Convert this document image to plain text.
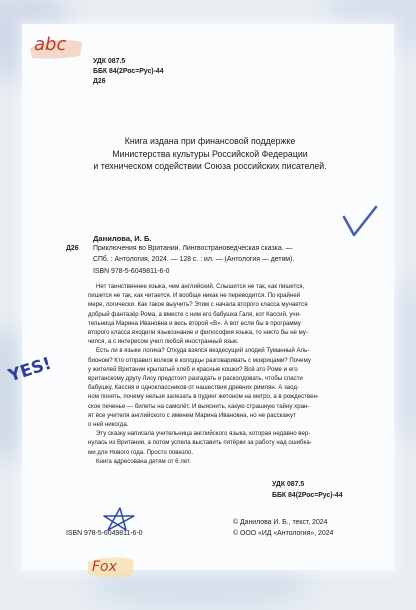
abc
YES!
Fox
УДК 087.5
ББК 84(2Рос=Рус)-44
Д26
Книга издана при финансовой поддержке
Министерства культуры Российской Федерации
и техническом содействии Союза российских писателей.
Д26
Данилова, И. Б.
Приключения во Вритании. Лингвострановедческая сказка. —
СПб. : Антология, 2024. — 128 с. : ил. — (Антология — детям).
ISBN 978-5-6049811-6-0
Нет таинственнее языка, чем английский. Слышится не так, как пишется,
пишется не так, как читается. И вообще никак не переводится. По крайней
мере, логически. Как такое выучить? Этим с начала второго класса мучается
добрый фантазёр Рома, а вместе с ним его бабушка Галя, кот Кассий, учи-
тельница Марина Ивановна и весь второй «В». А вот если бы в программу
второго класса входили языкознание и философия языка, то никто бы не му-
чился, а с интересом учил любой иностранный язык.
Есть ли в языке логика? Откуда взялся вездесущий злодей Туманный Аль-
бионом? Кто отправил волков в колодцы разговаривать с мокрицами? Почему
у жителей Вритании крылатый хлеб и красные кошки? Всё это Роме и его
вританскому другу Лису предстоит разгадать и расколдовать, чтобы спасти
бабушку, Кассия и одноклассников от нашествия древних римлян. А заод-
ном понять, почему нельзя залезать в пудинг жетоном на метро, а в рождествен-
ское печенье — билеты на самолёт. И выяснить, какую страшную тайну хран-
ят все учителя английского с именем Марина Ивановна, но не расскажут
о ней никогда.
Эту сказку написала учительница английского языка, которая недавно вер-
нулась из Вритании, а потом успела выставить пятёрки за работу над ошибка-
ми для Нового года. Просто повезло.
Книга адресована детям от 6 лет.
УДК 087.5
ББК 84(2Рос=Рус)-44
ISBN 978-5-6049811-6-0
© Данилова И. Б., текст, 2024
© ООО «ИД «Антология», 2024
